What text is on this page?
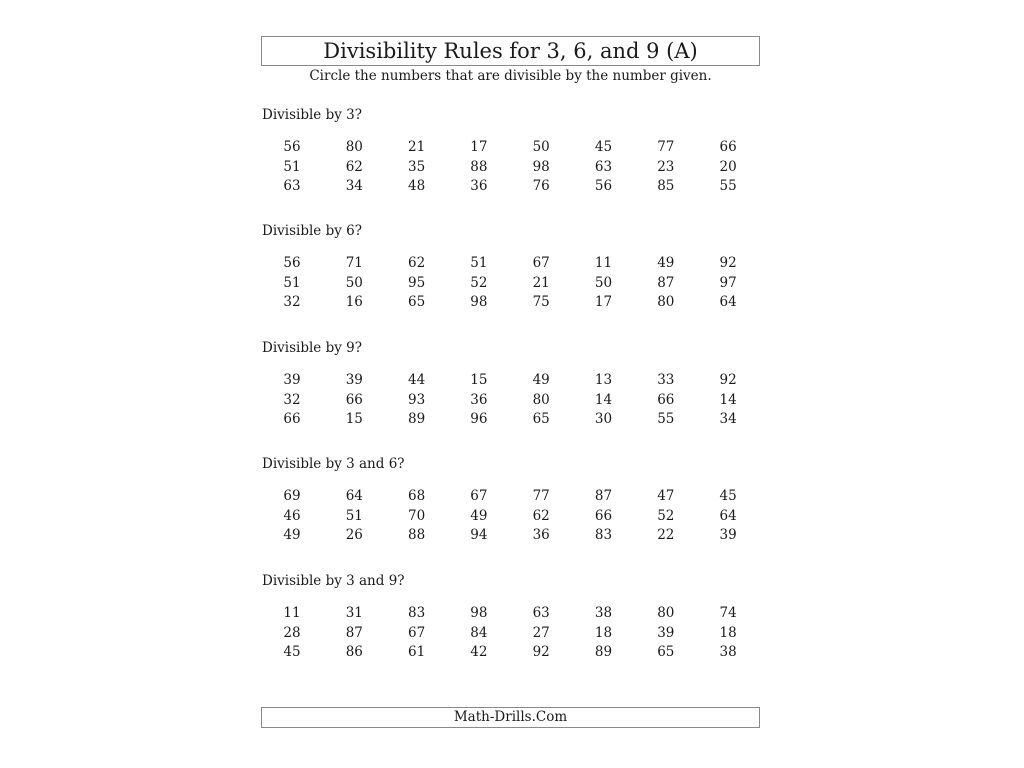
Divisibility Rules for 3, 6, and 9 (A)
Circle the numbers that are divisible by the number given.
Divisible by 3?
56	80	21	17	50	45	77	66
51	62	35	88	98	63	23	20
63	34	48	36	76	56	85	55
Divisible by 6?
56	71	62	51	67	11	49	92
51	50	95	52	21	50	87	97
32	16	65	98	75	17	80	64
Divisible by 9?
39	39	44	15	49	13	33	92
32	66	93	36	80	14	66	14
66	15	89	96	65	30	55	34
Divisible by 3 and 6?
69	64	68	67	77	87	47	45
46	51	70	49	62	66	52	64
49	26	88	94	36	83	22	39
Divisible by 3 and 9?
11	31	83	98	63	38	80	74
28	87	67	84	27	18	39	18
45	86	61	42	92	89	65	38
Math-Drills.Com
